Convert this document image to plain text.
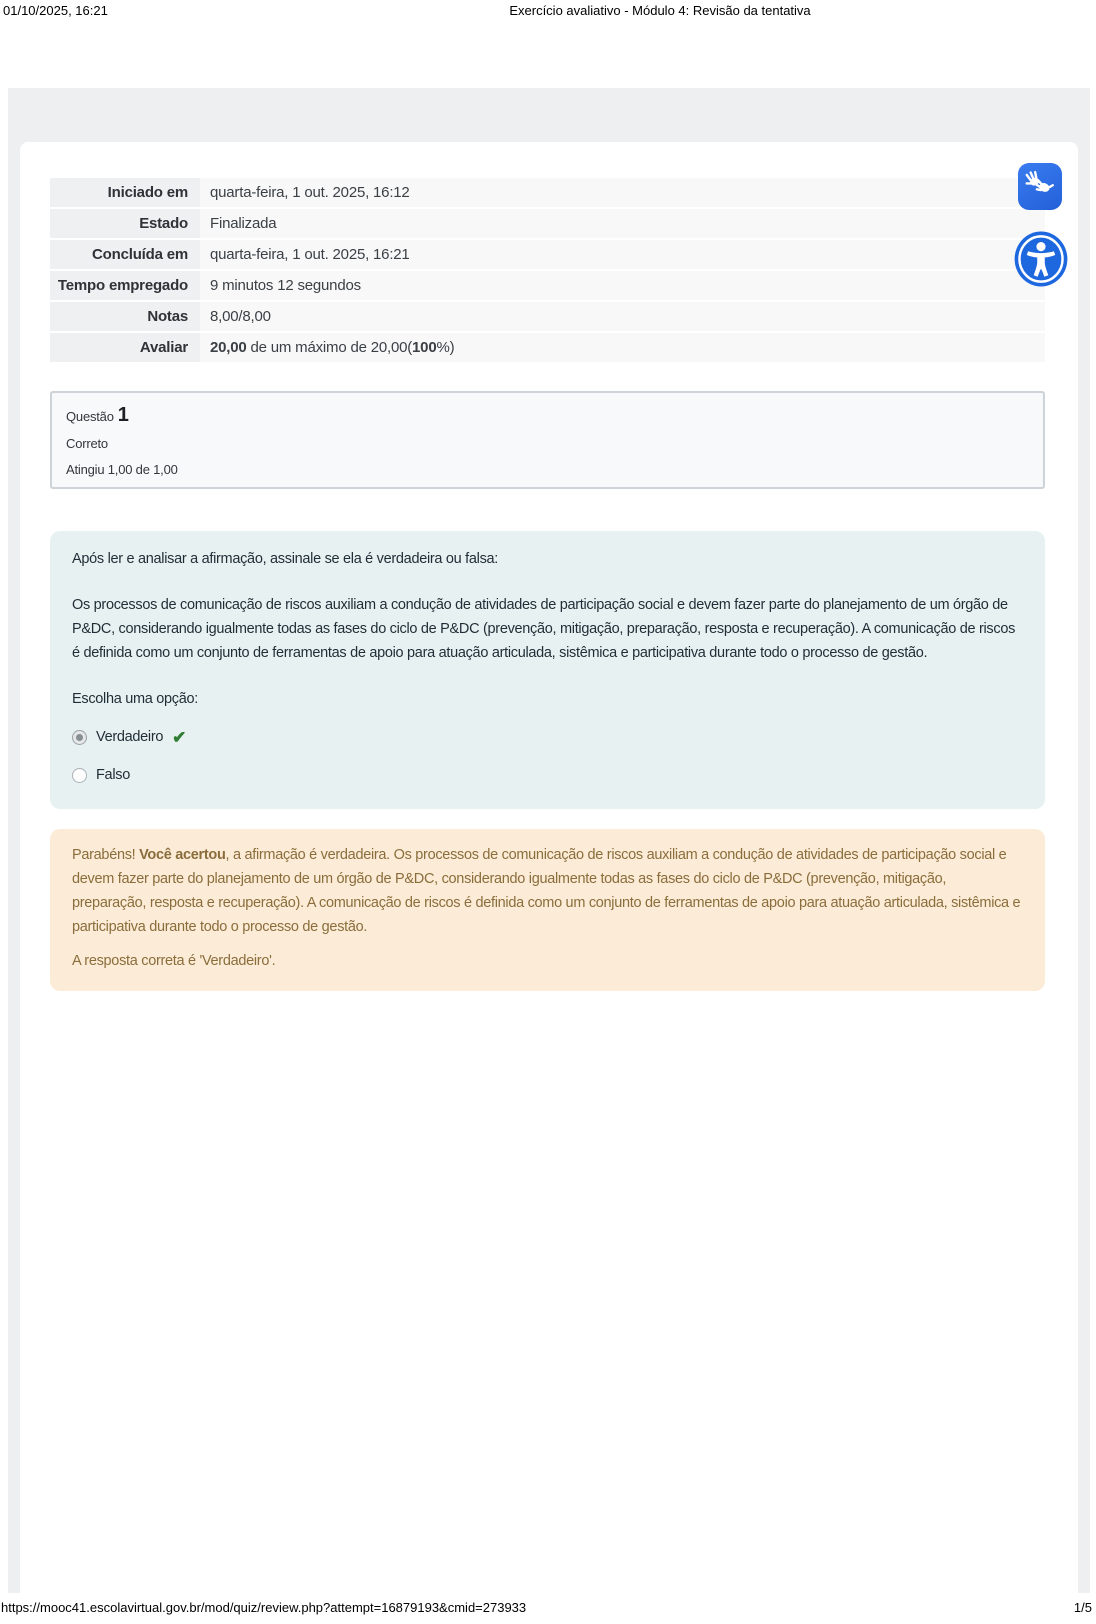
01/10/2025, 16:21	Exercício avaliativo - Módulo 4: Revisão da tentativa
Iniciado em	quarta-feira, 1 out. 2025, 16:12
Estado	Finalizada
Concluída em	quarta-feira, 1 out. 2025, 16:21
Tempo empregado	9 minutos 12 segundos
Notas	8,00/8,00
Avaliar	20,00 de um máximo de 20,00(100%)
Questão 1
Correto
Atingiu 1,00 de 1,00

Após ler e analisar a afirmação, assinale se ela é verdadeira ou falsa:

Os processos de comunicação de riscos auxiliam a condução de atividades de participação social e devem fazer parte do planejamento de um órgão de P&DC, considerando igualmente todas as fases do ciclo de P&DC (prevenção, mitigação, preparação, resposta e recuperação). A comunicação de riscos é definida como um conjunto de ferramentas de apoio para atuação articulada, sistêmica e participativa durante todo o processo de gestão.

Escolha uma opção:

Verdadeiro ✔
Falso

Parabéns! Você acertou, a afirmação é verdadeira. Os processos de comunicação de riscos auxiliam a condução de atividades de participação social e devem fazer parte do planejamento de um órgão de P&DC, considerando igualmente todas as fases do ciclo de P&DC (prevenção, mitigação, preparação, resposta e recuperação). A comunicação de riscos é definida como um conjunto de ferramentas de apoio para atuação articulada, sistêmica e participativa durante todo o processo de gestão.

A resposta correta é 'Verdadeiro'.

https://mooc41.escolavirtual.gov.br/mod/quiz/review.php?attempt=16879193&cmid=273933	1/5
